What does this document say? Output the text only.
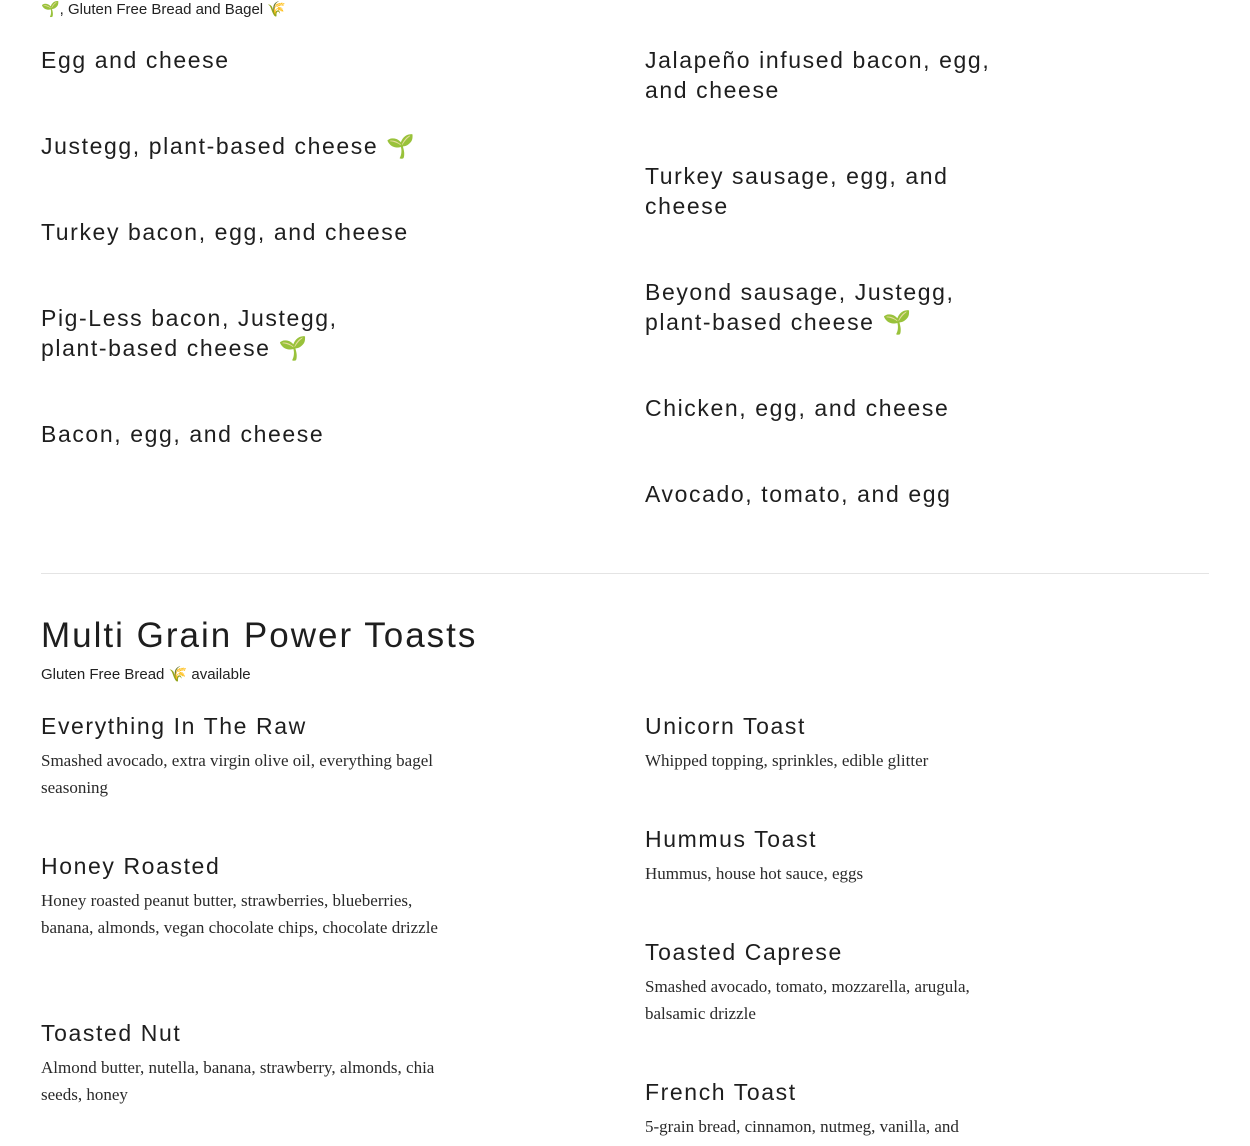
🌱, Gluten Free Bread and Bagel 🌾
Egg and cheese
Justegg, plant-based cheese 🌱
Turkey bacon, egg, and cheese
Pig-Less bacon, Justegg, plant-based cheese 🌱
Bacon, egg, and cheese
Jalapeño infused bacon, egg, and cheese
Turkey sausage, egg, and cheese
Beyond sausage, Justegg, plant-based cheese 🌱
Chicken, egg, and cheese
Avocado, tomato, and egg
Multi Grain Power Toasts
Gluten Free Bread 🌾 available
Everything In The Raw
Smashed avocado, extra virgin olive oil, everything bagel seasoning
Honey Roasted
Honey roasted peanut butter, strawberries, blueberries, banana, almonds, vegan chocolate chips, chocolate drizzle
Toasted Nut
Almond butter, nutella, banana, strawberry, almonds, chia seeds, honey
Unicorn Toast
Whipped topping, sprinkles, edible glitter
Hummus Toast
Hummus, house hot sauce, eggs
Toasted Caprese
Smashed avocado, tomato, mozzarella, arugula, balsamic drizzle
French Toast
5-grain bread, cinnamon, nutmeg, vanilla, and
